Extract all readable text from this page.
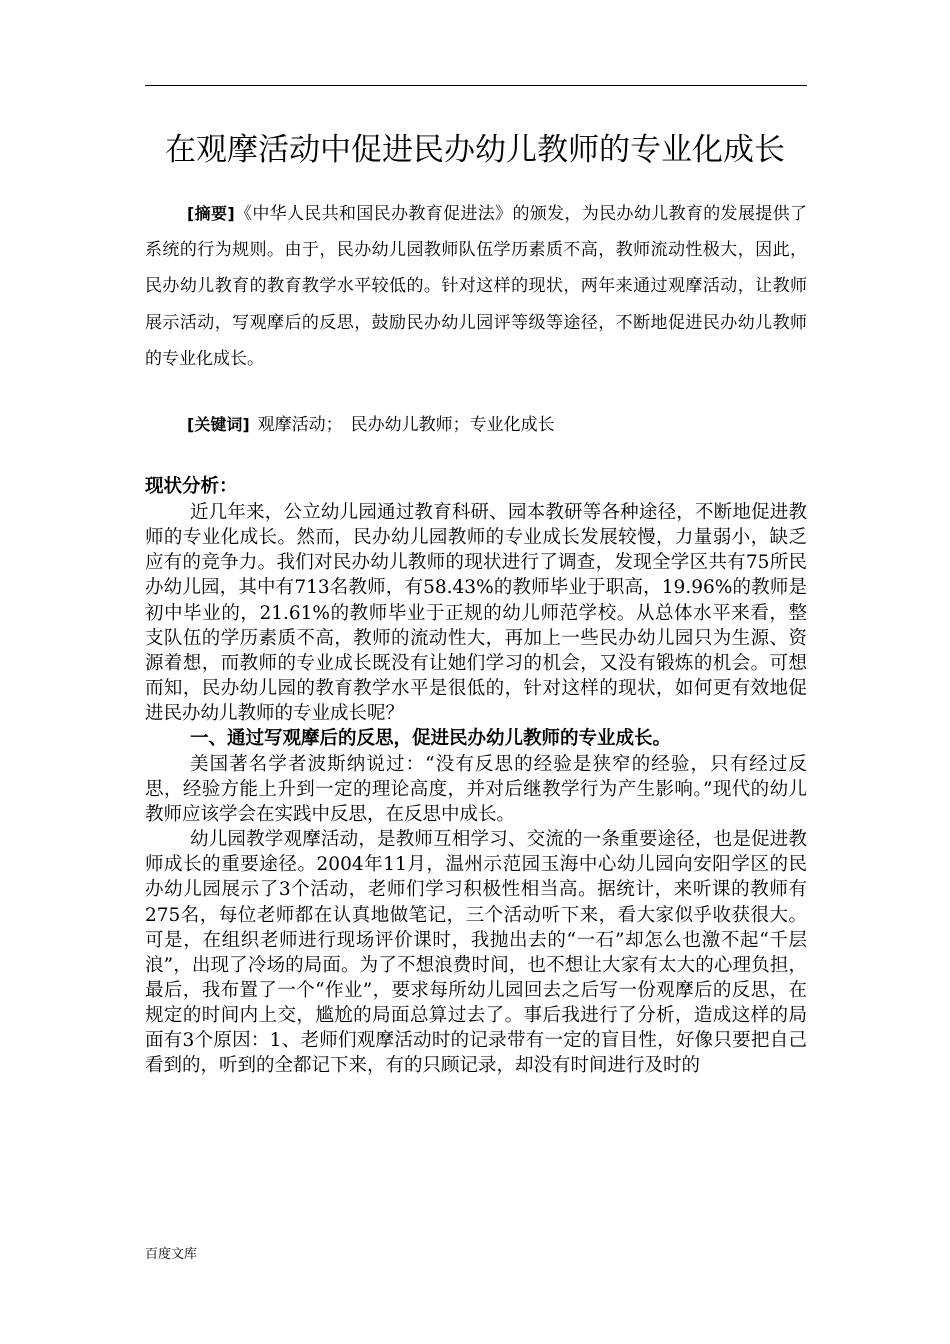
在观摩活动中促进民办幼儿教师的专业化成长
[摘要]《中华人民共和国民办教育促进法》的颁发，为民办幼儿教育的发展提供了系统的行为规则。由于，民办幼儿园教师队伍学历素质不高，教师流动性极大，因此，民办幼儿教育的教育教学水平较低的。针对这样的现状，两年来通过观摩活动，让教师展示活动，写观摩后的反思，鼓励民办幼儿园评等级等途径，不断地促进民办幼儿教师的专业化成长。
[关键词] 观摩活动； 民办幼儿教师；专业化成长
现状分析：

近几年来，公立幼儿园通过教育科研、园本教研等各种途径，不断地促进教师的专业化成长。然而，民办幼儿园教师的专业成长发展较慢，力量弱小，缺乏应有的竞争力。我们对民办幼儿教师的现状进行了调查，发现全学区共有75所民办幼儿园，其中有713名教师，有58.43%的教师毕业于职高，19.96%的教师是初中毕业的，21.61%的教师毕业于正规的幼儿师范学校。从总体水平来看，整支队伍的学历素质不高，教师的流动性大，再加上一些民办幼儿园只为生源、资源着想，而教师的专业成长既没有让她们学习的机会，又没有锻炼的机会。可想而知，民办幼儿园的教育教学水平是很低的，针对这样的现状，如何更有效地促进民办幼儿教师的专业成长呢？

一、通过写观摩后的反思，促进民办幼儿教师的专业成长。

美国著名学者波斯纳说过：“没有反思的经验是狭窄的经验，只有经过反思，经验方能上升到一定的理论高度，并对后继教学行为产生影响。”现代的幼儿教师应该学会在实践中反思，在反思中成长。

幼儿园教学观摩活动，是教师互相学习、交流的一条重要途径，也是促进教师成长的重要途径。2004年11月，温州示范园玉海中心幼儿园向安阳学区的民办幼儿园展示了3个活动，老师们学习积极性相当高。据统计，来听课的教师有275名，每位老师都在认真地做笔记，三个活动听下来，看大家似乎收获很大。可是，在组织老师进行现场评价课时，我抛出去的“一石”却怎么也激不起“千层浪”，出现了冷场的局面。为了不想浪费时间，也不想让大家有太大的心理负担，最后，我布置了一个“作业”，要求每所幼儿园回去之后写一份观摩后的反思，在规定的时间内上交，尴尬的局面总算过去了。事后我进行了分析，造成这样的局面有3个原因：1、老师们观摩活动时的记录带有一定的盲目性，好像只要把自己看到的，听到的全都记下来，有的只顾记录，却没有时间进行及时的

百度文库
